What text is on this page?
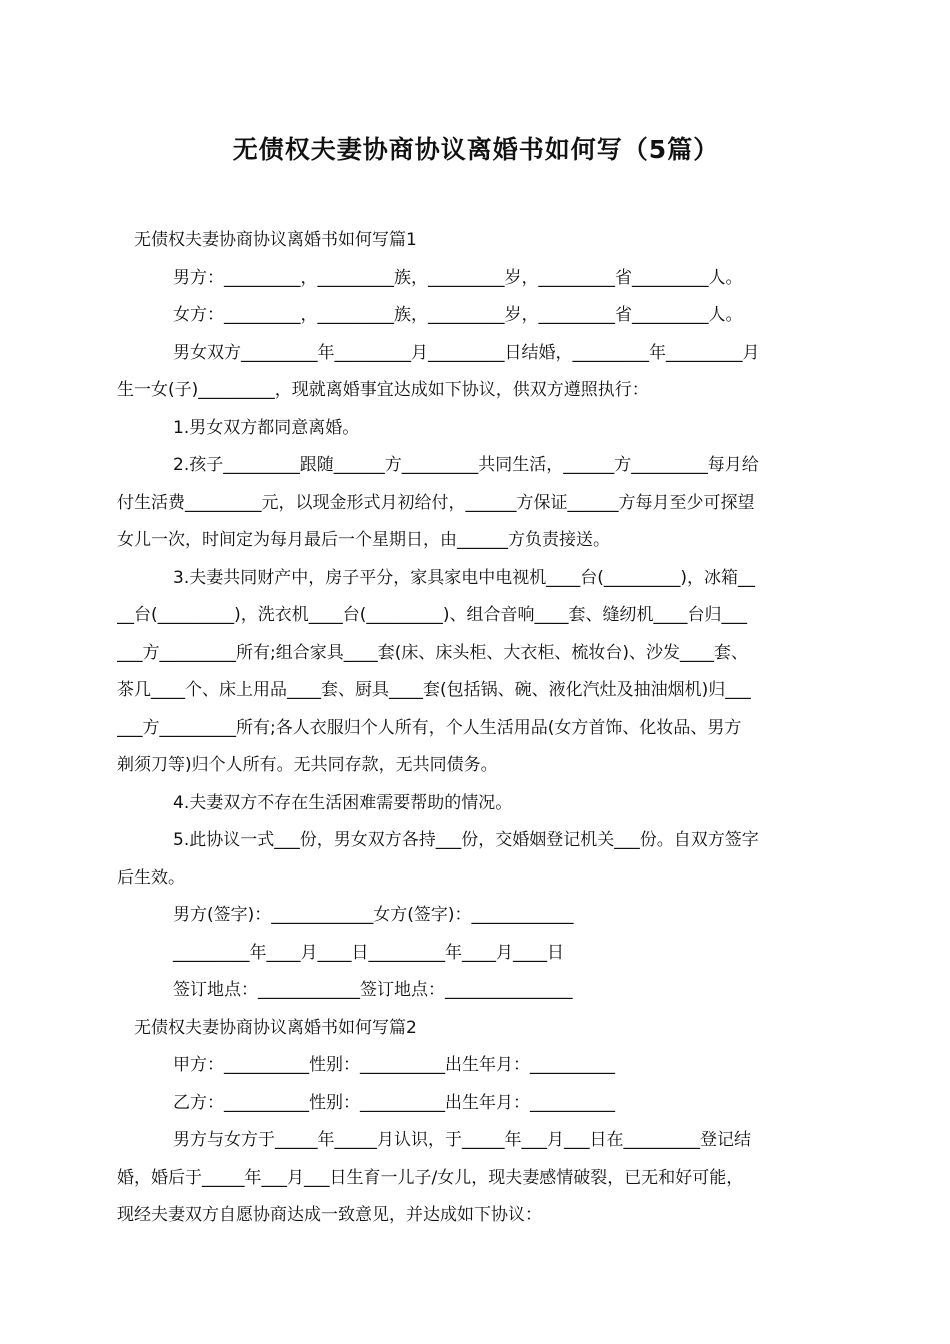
无债权夫妻协商协议离婚书如何写（5篇）
无债权夫妻协商协议离婚书如何写篇1
男方：_________，_________族，_________岁，_________省_________人。
女方：_________，_________族，_________岁，_________省_________人。
男女双方_________年_________月_________日结婚，_________年_________月
生一女(子)_________，现就离婚事宜达成如下协议，供双方遵照执行：
1.男女双方都同意离婚。
2.孩子_________跟随______方_________共同生活，______方_________每月给
付生活费_________元，以现金形式月初给付，______方保证______方每月至少可探望
女儿一次，时间定为每月最后一个星期日，由______方负责接送。
3.夫妻共同财产中，房子平分，家具家电中电视机____台(_________)，冰箱__
__台(_________)，洗衣机____台(_________)、组合音响____套、缝纫机____台归___
___方_________所有;组合家具____套(床、床头柜、大衣柜、梳妆台)、沙发____套、
茶几____个、床上用品____套、厨具____套(包括锅、碗、液化汽灶及抽油烟机)归___
___方_________所有;各人衣服归个人所有，个人生活用品(女方首饰、化妆品、男方
剃须刀等)归个人所有。无共同存款，无共同债务。
4.夫妻双方不存在生活困难需要帮助的情况。
5.此协议一式___份，男女双方各持___份，交婚姻登记机关___份。自双方签字
后生效。
男方(签字)：____________女方(签字)：____________
_________年____月____日_________年____月____日
签订地点：____________签订地点：_______________
无债权夫妻协商协议离婚书如何写篇2
甲方：__________性别：__________出生年月：__________
乙方：__________性别：__________出生年月：__________
男方与女方于_____年_____月认识，于_____年___月___日在_________登记结
婚，婚后于_____年___月___日生育一儿子/女儿，现夫妻感情破裂，已无和好可能，
现经夫妻双方自愿协商达成一致意见，并达成如下协议：
